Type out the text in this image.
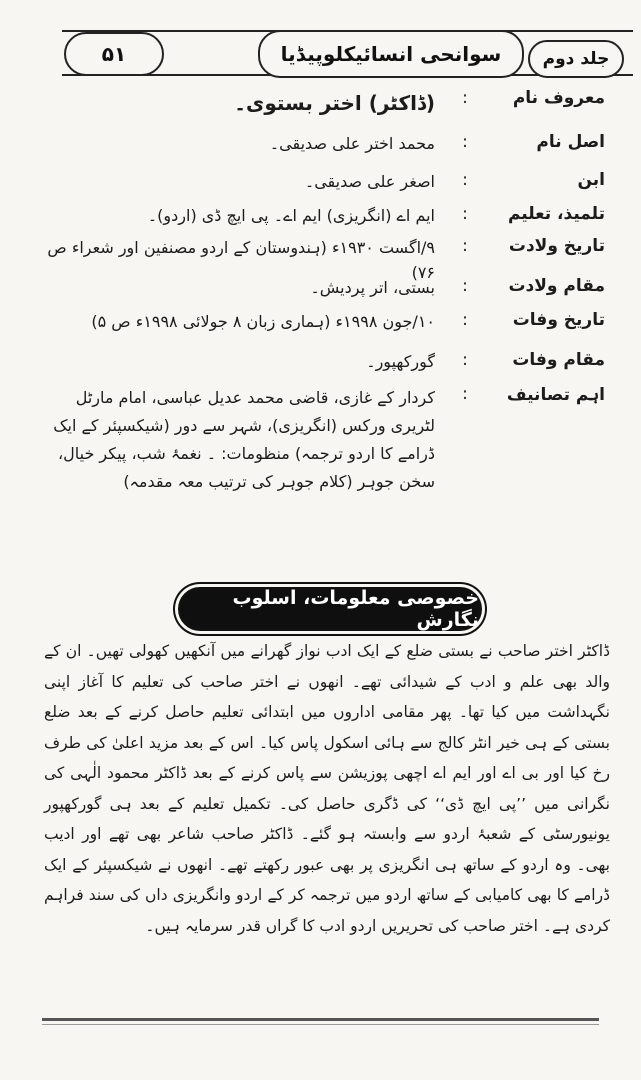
۵۱	سوانحی انسائیکلوپیڈیا	جلد دوم
معروف نام
:
(ڈاکٹر) اختر بستوی۔
اصل نام
:
محمد اختر علی صدیقی۔
ابن
:
اصغر علی صدیقی۔
تلمیذ، تعلیم
:
ایم اے (انگریزی) ایم اے۔ پی ایچ ڈی (اردو)۔
تاریخ ولادت
:
۹/اگست ۱۹۳۰ء (ہندوستان کے اردو مصنفین اور شعراء ص ۷۶)
مقام ولادت
:
بستی، اتر پردیش۔
تاریخ وفات
:
۱۰/جون ۱۹۹۸ء (ہماری زبان ۸ جولائی ۱۹۹۸ء ص ۵)
مقام وفات
:
گورکھپور۔
اہم تصانیف
:
کردار کے غازی، قاضی محمد عدیل عباسی، امام مارٹل لٹریری ورکس (انگریزی)، شہر سے دور (شیکسپئر کے ایک ڈرامے کا اردو ترجمہ) منظومات: ۔ نغمۂ شب، پیکر خیال، سخن جوہر (کلام جوہر کی ترتیب معہ مقدمہ)
خصوصی معلومات، اسلوب نگارش
ڈاکٹر اختر صاحب نے بستی ضلع کے ایک ادب نواز گھرانے میں آنکھیں کھولی تھیں۔ ان کے والد بھی علم و ادب کے شیدائی تھے۔ انھوں نے اختر صاحب کی تعلیم کا آغاز اپنی نگہداشت میں کیا تھا۔ پھر مقامی اداروں میں ابتدائی تعلیم حاصل کرنے کے بعد ضلع بستی کے ہی خیر انٹر کالج سے ہائی اسکول پاس کیا۔ اس کے بعد مزید اعلیٰ کی طرف رخ کیا اور بی اے اور ایم اے اچھی پوزیشن سے پاس کرنے کے بعد ڈاکٹر محمود الٰہی کی نگرانی میں ’’پی ایچ ڈی‘‘ کی ڈگری حاصل کی۔ تکمیل تعلیم کے بعد ہی گورکھپور یونیورسٹی کے شعبۂ اردو سے وابستہ ہو گئے۔ ڈاکٹر صاحب شاعر بھی تھے اور ادیب بھی۔ وہ اردو کے ساتھ ہی انگریزی پر بھی عبور رکھتے تھے۔ انھوں نے شیکسپئر کے ایک ڈرامے کا بھی کامیابی کے ساتھ اردو میں ترجمہ کر کے اردو وانگریزی داں کی سند فراہم کردی ہے۔ اختر صاحب کی تحریریں اردو ادب کا گراں قدر سرمایہ ہیں۔
